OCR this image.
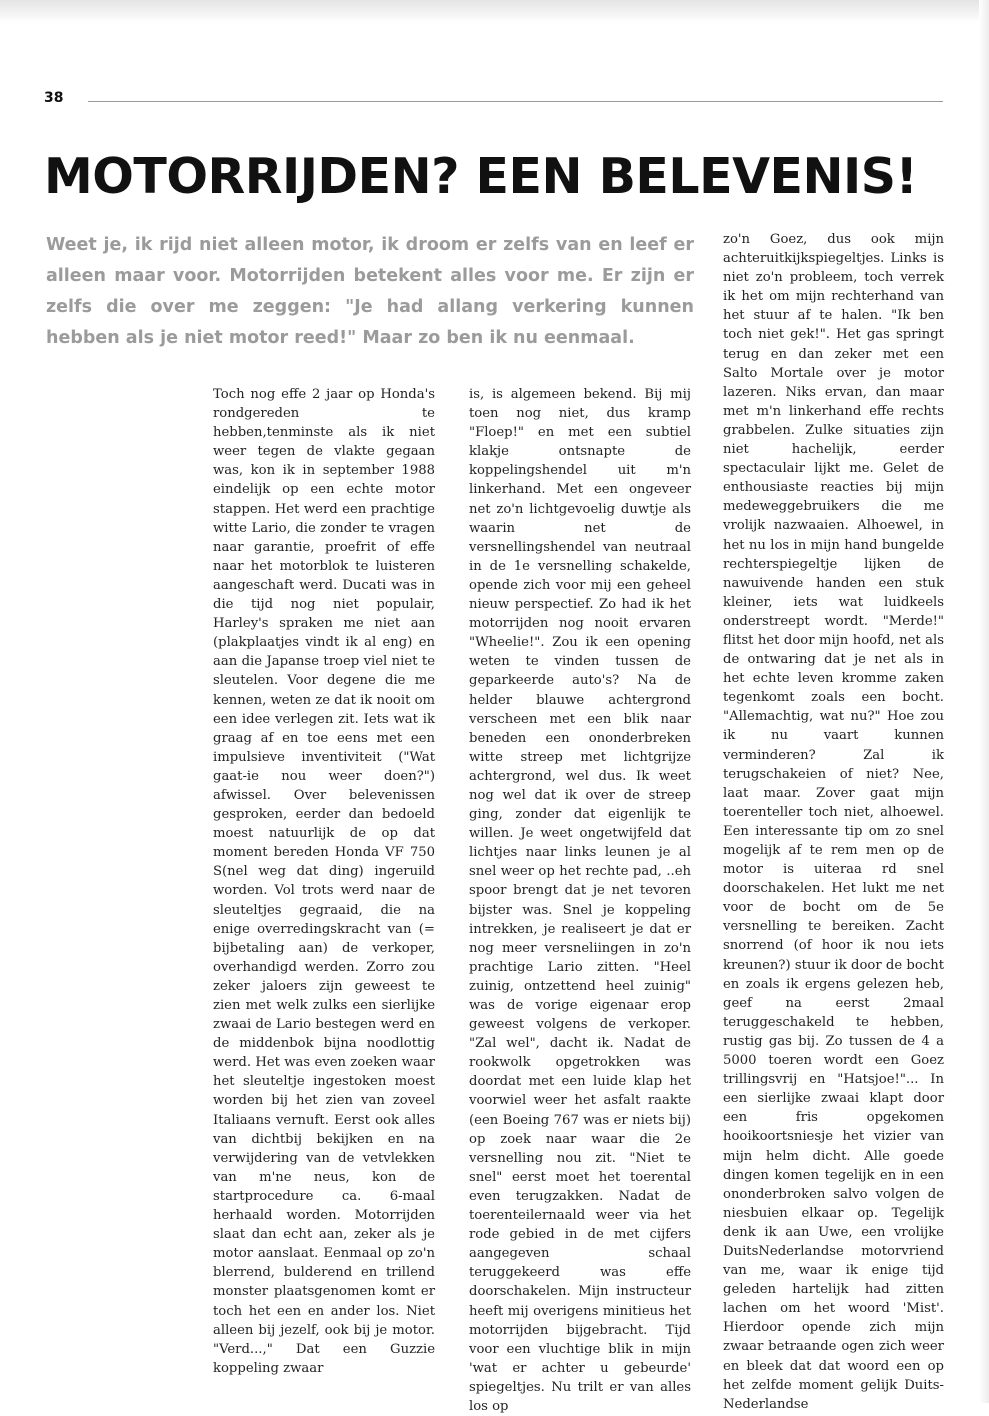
38
MOTORRIJDEN? EEN BELEVENIS!

Weet je, ik rijd niet alleen motor, ik droom er zelfs van en leef er alleen maar voor. Motorrijden betekent alles voor me. Er zijn er zelfs die over me zeggen: "Je had allang verkering kunnen hebben als je niet motor reed!" Maar zo ben ik nu eenmaal.

Toch nog effe 2 jaar op Honda's rondgereden te hebben,tenminste als ik niet weer tegen de vlakte gegaan was, kon ik in september 1988 eindelijk op een echte motor stappen. Het werd een prachtige witte Lario, die zonder te vragen naar garantie, proefrit of effe naar het motorblok te luisteren aangeschaft werd. Ducati was in die tijd nog niet populair, Harley's spraken me niet aan (plakplaatjes vindt ik al eng) en aan die Japanse troep viel niet te sleutelen. Voor degene die me kennen, weten ze dat ik nooit om een idee verlegen zit. Iets wat ik graag af en toe eens met een impulsieve inventiviteit ("Wat gaat-ie nou weer doen?") afwissel. Over belevenissen gesproken, eerder dan bedoeld moest natuurlijk de op dat moment bereden Honda VF 750 S(nel weg dat ding) ingeruild worden. Vol trots werd naar de sleuteltjes gegraaid, die na enige overredingskracht van (= bijbetaling aan) de verkoper, overhandigd werden. Zorro zou zeker jaloers zijn geweest te zien met welk zulks een sierlijke zwaai de Lario bestegen werd en de middenbok bijna noodlottig werd. Het was even zoeken waar het sleuteltje ingestoken moest worden bij het zien van zoveel Italiaans vernuft. Eerst ook alles van dichtbij bekijken en na verwijdering van de vetvlekken van m'ne neus, kon de startprocedure ca. 6-maal herhaald worden. Motorrijden slaat dan echt aan, zeker als je motor aanslaat. Eenmaal op zo'n blerrend, bulderend en trillend monster plaatsgenomen komt er toch het een en ander los. Niet alleen bij jezelf, ook bij je motor. "Verd...," Dat een Guzzie koppeling zwaar

is, is algemeen bekend. Bij mij toen nog niet, dus kramp "Floep!" en met een subtiel klakje ontsnapte de koppelingshendel uit m'n linkerhand. Met een ongeveer net zo'n lichtgevoelig duwtje als waarin net de versnellingshendel van neutraal in de 1e versnelling schakelde, opende zich voor mij een geheel nieuw perspectief. Zo had ik het motorrijden nog nooit ervaren "Wheelie!". Zou ik een opening weten te vinden tussen de geparkeerde auto's? Na de helder blauwe achtergrond verscheen met een blik naar beneden een ononderbreken witte streep met lichtgrijze achtergrond, wel dus. Ik weet nog wel dat ik over de streep ging, zonder dat eigenlijk te willen. Je weet ongetwijfeld dat lichtjes naar links leunen je al snel weer op het rechte pad, ..eh spoor brengt dat je net tevoren bijster was. Snel je koppeling intrekken, je realiseert je dat er nog meer versneliingen in zo'n prachtige Lario zitten. "Heel zuinig, ontzettend heel zuinig" was de vorige eigenaar erop geweest volgens de verkoper. "Zal wel", dacht ik. Nadat de rookwolk opgetrokken was doordat met een luide klap het voorwiel weer het asfalt raakte (een Boeing 767 was er niets bij) op zoek naar waar die 2e versnelling nou zit. "Niet te snel" eerst moet het toerental even terugzakken. Nadat de toerenteilernaald weer via het rode gebied in de met cijfers aangegeven schaal teruggekeerd was effe doorschakelen. Mijn instructeur heeft mij overigens minitieus het motorrijden bijgebracht. Tijd voor een vluchtige blik in mijn 'wat er achter u gebeurde' spiegeltjes. Nu trilt er van alles los op

zo'n Goez, dus ook mijn achteruitkijkspiegeltjes. Links is niet zo'n probleem, toch verrek ik het om mijn rechterhand van het stuur af te halen. "Ik ben toch niet gek!". Het gas springt terug en dan zeker met een Salto Mortale over je motor lazeren. Niks ervan, dan maar met m'n linkerhand effe rechts grabbelen. Zulke situaties zijn niet hachelijk, eerder spectaculair lijkt me. Gelet de enthousiaste reacties bij mijn medeweggebruikers die me vrolijk nazwaaien. Alhoewel, in het nu los in mijn hand bungelde rechterspiegeltje lijken de nawuivende handen een stuk kleiner, iets wat luidkeels onderstreept wordt. "Merde!" flitst het door mijn hoofd, net als de ontwaring dat je net als in het echte leven kromme zaken tegenkomt zoals een bocht. "Allemachtig, wat nu?" Hoe zou ik nu vaart kunnen verminderen? Zal ik terugschakeien of niet? Nee, laat maar. Zover gaat mijn toerenteller toch niet, alhoewel. Een interessante tip om zo snel mogelijk af te rem men op de motor is uiteraa rd snel doorschakelen. Het lukt me net voor de bocht om de 5e versnelling te bereiken. Zacht snorrend (of hoor ik nou iets kreunen?) stuur ik door de bocht en zoals ik ergens gelezen heb, geef na eerst 2maal teruggeschakeld te hebben, rustig gas bij. Zo tussen de 4 a 5000 toeren wordt een Goez trillingsvrij en "Hatsjoe!"... In een sierlijke zwaai klapt door een fris opgekomen hooikoortsniesje het vizier van mijn helm dicht. Alle goede dingen komen tegelijk en in een ononderbroken salvo volgen de niesbuien elkaar op. Tegelijk denk ik aan Uwe, een vrolijke DuitsNederlandse motorvriend van me, waar ik enige tijd geleden hartelijk had zitten lachen om het woord 'Mist'. Hierdoor opende zich mijn zwaar betraande ogen zich weer en bleek dat dat woord een op het zelfde moment gelijk Duits-Nederlandse
